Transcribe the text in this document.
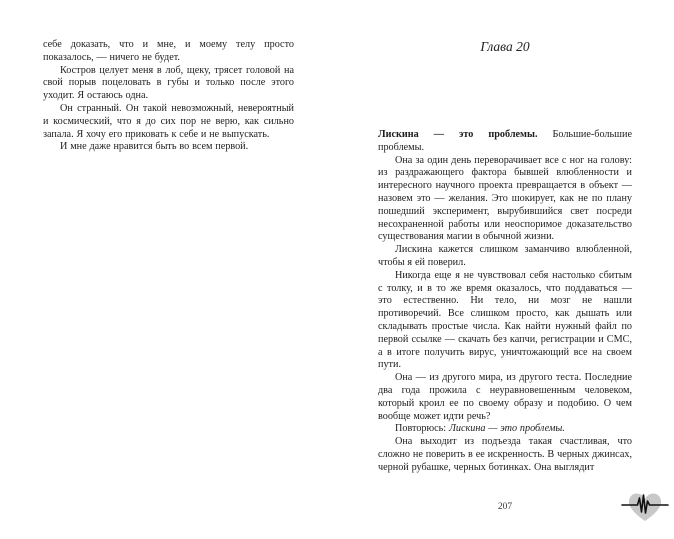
себе доказать, что и мне, и моему телу просто показалось, — ничего не будет.

Костров целует меня в лоб, щеку, трясет головой на свой порыв поцеловать в губы и только после этого уходит. Я остаюсь одна.

Он странный. Он такой невозможный, невероятный и космический, что я до сих пор не верю, как сильно запала. Я хочу его приковать к себе и не выпускать.

И мне даже нравится быть во всем первой.

Глава 20

Лискина — это проблемы. Большие-большие проблемы.

Она за один день переворачивает все с ног на голову: из раздражающего фактора бывшей влюбленности и интересного научного проекта превращается в объект — назовем это — желания. Это шокирует, как не по плану пошедший эксперимент, вырубившийся свет посреди несохраненной работы или неоспоримое доказательство существования магии в обычной жизни.

Лискина кажется слишком заманчиво влюбленной, чтобы я ей поверил.

Никогда еще я не чувствовал себя настолько сбитым с толку, и в то же время оказалось, что поддаваться — это естественно. Ни тело, ни мозг не нашли противоречий. Все слишком просто, как дышать или складывать простые числа. Как найти нужный файл по первой ссылке — скачать без капчи, регистрации и СМС, а в итоге получить вирус, уничтожающий все на своем пути.

Она — из другого мира, из другого теста. Последние два года прожила с неуравновешенным человеком, который кроил ее по своему образу и подобию. О чем вообще может идти речь?

Повторюсь: Лискина — это проблемы.

Она выходит из подъезда такая счастливая, что сложно не поверить в ее искренность. В черных джинсах, черной рубашке, черных ботинках. Она выглядит

207
